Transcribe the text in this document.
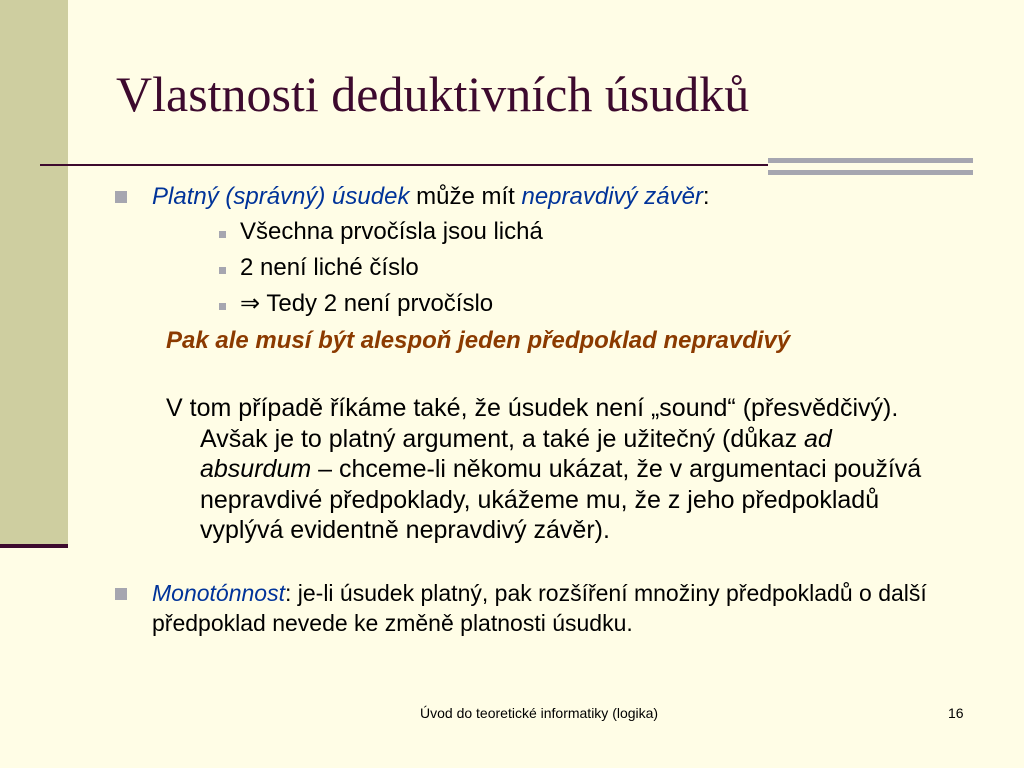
Vlastnosti deduktivních úsudků
Platný (správný) úsudek může mít nepravdivý závěr:
Všechna prvočísla jsou lichá
2 není liché číslo
⇒ Tedy 2 není prvočíslo
Pak ale musí být alespoň jeden předpoklad nepravdivý
V tom případě říkáme také, že úsudek není „sound“ (přesvědčivý). Avšak je to platný argument, a také je užitečný (důkaz ad absurdum – chceme-li někomu ukázat, že v argumentaci používá nepravdivé předpoklady, ukážeme mu, že z jeho předpokladů vyplývá evidentně nepravdivý závěr).
Monotónnost: je-li úsudek platný, pak rozšíření množiny předpokladů o další předpoklad nevede ke změně platnosti úsudku.
Úvod do teoretické informatiky (logika)	16
